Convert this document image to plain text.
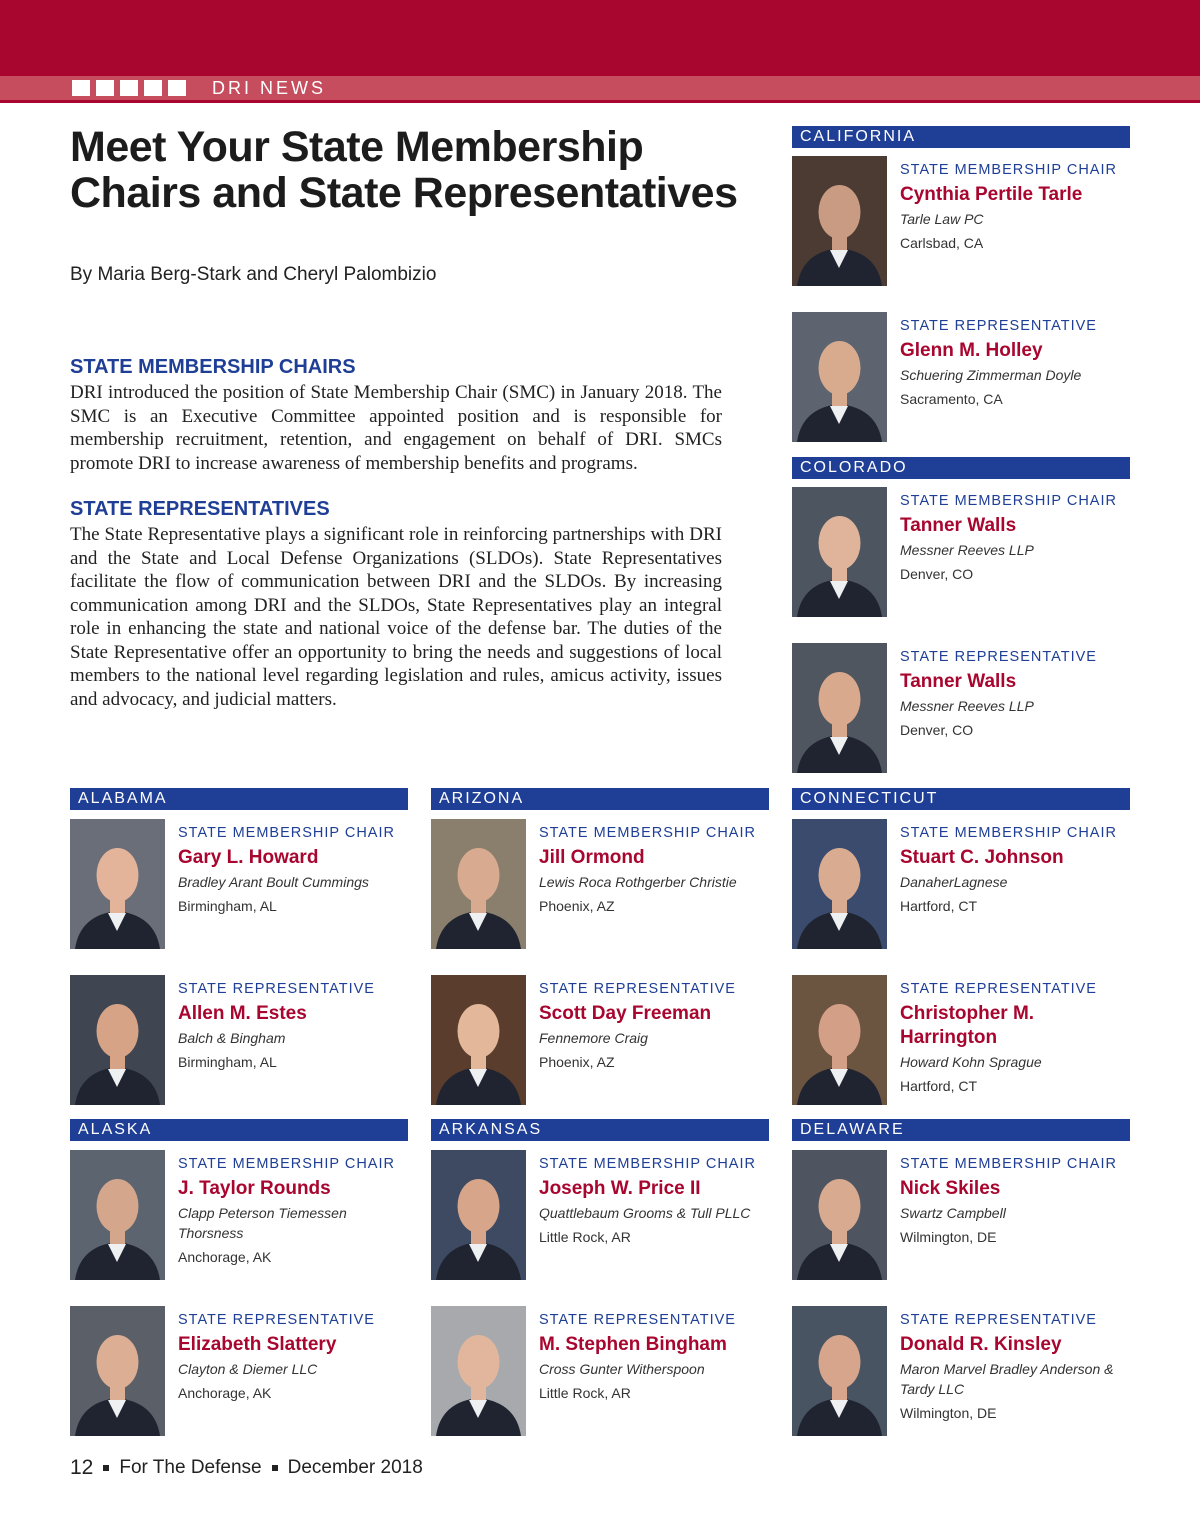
DRI NEWS
Meet Your State Membership Chairs and State Representatives
By Maria Berg-Stark and Cheryl Palombizio
STATE MEMBERSHIP CHAIRS

DRI introduced the position of State Membership Chair (SMC) in January 2018. The SMC is an Executive Committee appointed position and is responsible for membership recruitment, retention, and engagement on behalf of DRI. SMCs promote DRI to increase awareness of membership benefits and programs.

STATE REPRESENTATIVES

The State Representative plays a significant role in reinforcing partnerships with DRI and the State and Local Defense Organizations (SLDOs). State Representatives facilitate the flow of communication between DRI and the SLDOs. By increasing communication among DRI and the SLDOs, State Representatives play an integral role in enhancing the state and national voice of the defense bar. The duties of the State Representative offer an opportunity to bring the needs and suggestions of local members to the national level regarding legislation and rules, amicus activity, issues and advocacy, and judicial matters.

CALIFORNIA
STATE MEMBERSHIP CHAIR
Cynthia Pertile Tarle
Tarle Law PC
Carlsbad, CA
STATE REPRESENTATIVE
Glenn M. Holley
Schuering Zimmerman Doyle
Sacramento, CA
COLORADO
STATE MEMBERSHIP CHAIR
Tanner Walls
Messner Reeves LLP
Denver, CO
STATE REPRESENTATIVE
Tanner Walls
Messner Reeves LLP
Denver, CO
ALABAMA
STATE MEMBERSHIP CHAIR
Gary L. Howard
Bradley Arant Boult Cummings
Birmingham, AL
STATE REPRESENTATIVE
Allen M. Estes
Balch & Bingham
Birmingham, AL
ARIZONA
STATE MEMBERSHIP CHAIR
Jill Ormond
Lewis Roca Rothgerber Christie
Phoenix, AZ
STATE REPRESENTATIVE
Scott Day Freeman
Fennemore Craig
Phoenix, AZ
CONNECTICUT
STATE MEMBERSHIP CHAIR
Stuart C. Johnson
DanaherLagnese
Hartford, CT
STATE REPRESENTATIVE
Christopher M. Harrington
Howard Kohn Sprague
Hartford, CT
ALASKA
STATE MEMBERSHIP CHAIR
J. Taylor Rounds
Clapp Peterson Tiemessen Thorsness
Anchorage, AK
STATE REPRESENTATIVE
Elizabeth Slattery
Clayton & Diemer LLC
Anchorage, AK
ARKANSAS
STATE MEMBERSHIP CHAIR
Joseph W. Price II
Quattlebaum Grooms & Tull PLLC
Little Rock, AR
STATE REPRESENTATIVE
M. Stephen Bingham
Cross Gunter Witherspoon
Little Rock, AR
DELAWARE
STATE MEMBERSHIP CHAIR
Nick Skiles
Swartz Campbell
Wilmington, DE
STATE REPRESENTATIVE
Donald R. Kinsley
Maron Marvel Bradley Anderson & Tardy LLC
Wilmington, DE
12 For The Defense December 2018
